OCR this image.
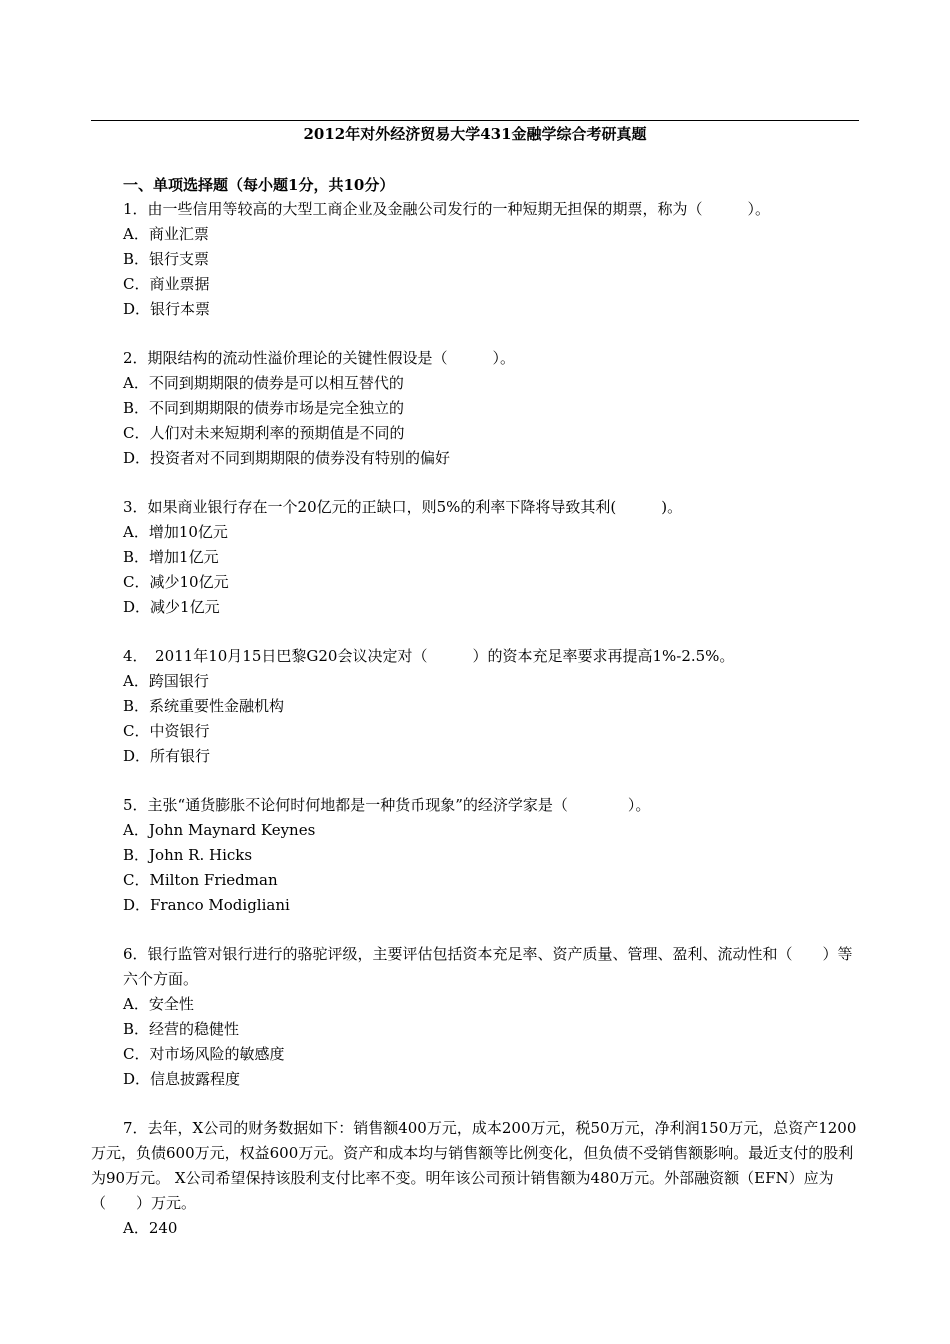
2012年对外经济贸易大学431金融学综合考研真题
一、单项选择题（每小题1分，共10分）
1．由一些信用等较高的大型工商企业及金融公司发行的一种短期无担保的期票，称为（　　　）。
A．商业汇票
B．银行支票
C．商业票据
D．银行本票
2．期限结构的流动性溢价理论的关键性假设是（　　　）。
A．不同到期期限的债券是可以相互替代的
B．不同到期期限的债券市场是完全独立的
C．人们对未来短期利率的预期值是不同的
D．投资者对不同到期期限的债券没有特别的偏好
3．如果商业银行存在一个20亿元的正缺口，则5%的利率下降将导致其利(　　　)。
A．增加10亿元
B．增加1亿元
C．减少10亿元
D．减少1亿元
4．　2011年10月15日巴黎G20会议决定对（　　　）的资本充足率要求再提高1%-2.5%。
A．跨国银行
B．系统重要性金融机构
C．中资银行
D．所有银行
5．主张“通货膨胀不论何时何地都是一种货币现象”的经济学家是（　　　　）。
A．John Maynard Keynes
B．John R. Hicks
C．Milton Friedman
D．Franco Modigliani
6．银行监管对银行进行的骆驼评级，主要评估包括资本充足率、资产质量、管理、盈利、流动性和（　　）等六个方面。
A．安全性
B．经营的稳健性
C．对市场风险的敏感度
D．信息披露程度
7．去年，X公司的财务数据如下：销售额400万元，成本200万元，税50万元，净利润150万元，总资产1200万元，负债600万元，权益600万元。资产和成本均与销售额等比例变化，但负债不受销售额影响。最近支付的股利为90万元。 X公司希望保持该股利支付比率不变。明年该公司预计销售额为480万元。外部融资额（EFN）应为（　　）万元。
A．240
